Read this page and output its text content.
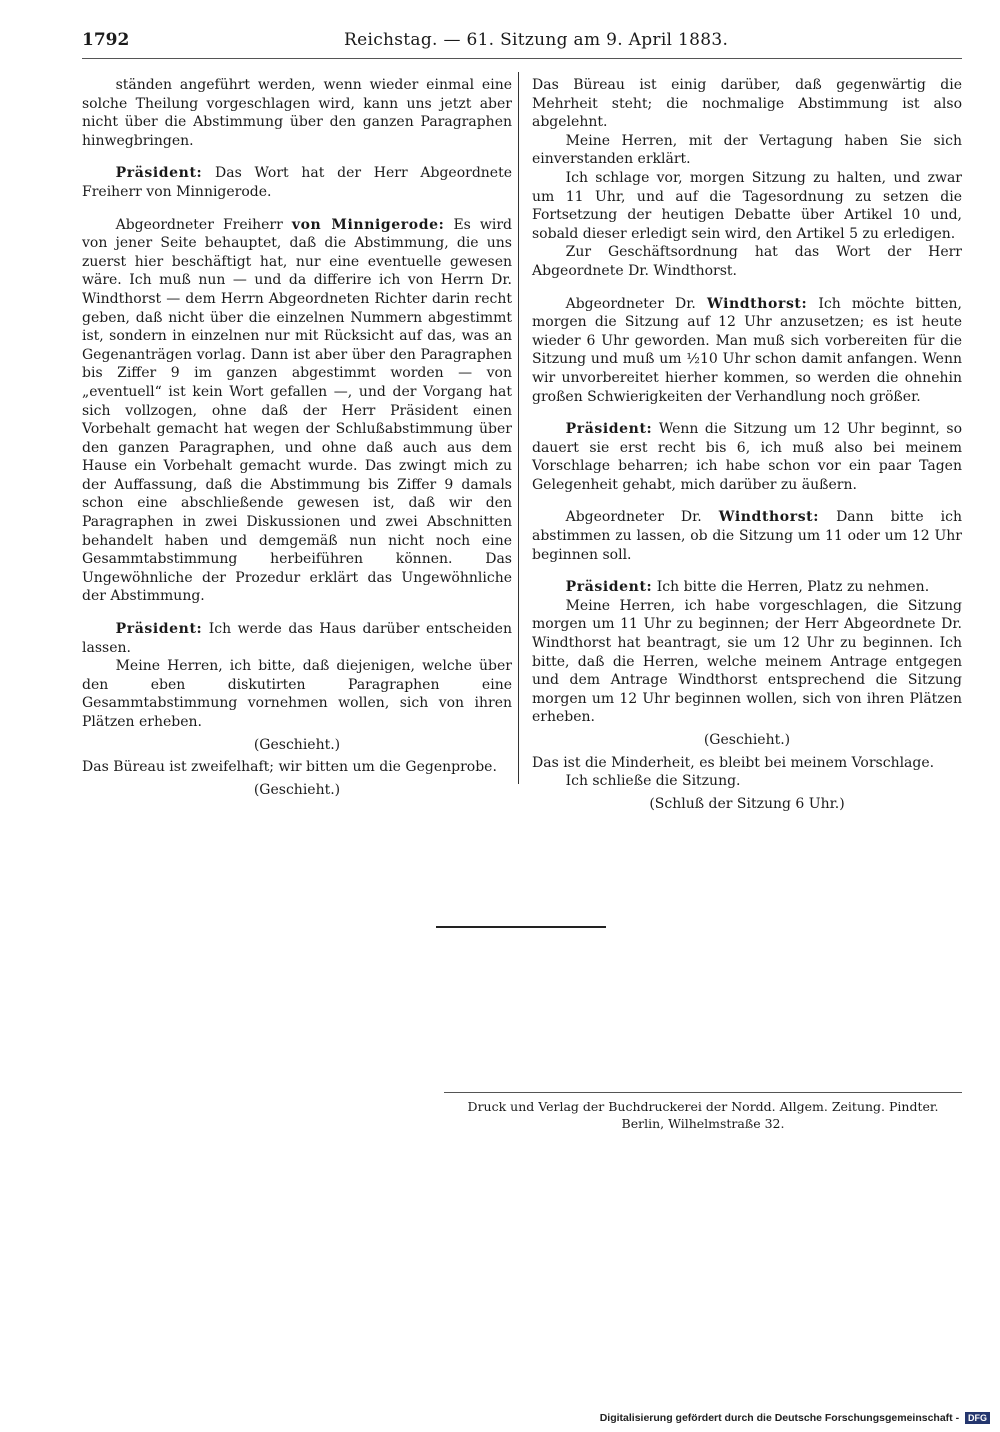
1792	Reichstag. — 61. Sitzung am 9. April 1883.

ständen angeführt werden, wenn wieder einmal eine solche Theilung vorgeschlagen wird, kann uns jetzt aber nicht über die Abstimmung über den ganzen Paragraphen hinwegbringen.

Präsident: Das Wort hat der Herr Abgeordnete Freiherr von Minnigerode.

Abgeordneter Freiherr von Minnigerode: Es wird von jener Seite behauptet, daß die Abstimmung, die uns zuerst hier beschäftigt hat, nur eine eventuelle gewesen wäre. Ich muß nun — und da differire ich von Herrn Dr. Windthorst — dem Herrn Abgeordneten Richter darin recht geben, daß nicht über die einzelnen Nummern abgestimmt ist, sondern in einzelnen nur mit Rücksicht auf das, was an Gegenanträgen vorlag. Dann ist aber über den Paragraphen bis Ziffer 9 im ganzen abgestimmt worden — von „eventuell“ ist kein Wort gefallen —, und der Vorgang hat sich vollzogen, ohne daß der Herr Präsident einen Vorbehalt gemacht hat wegen der Schlußabstimmung über den ganzen Paragraphen, und ohne daß auch aus dem Hause ein Vorbehalt gemacht wurde. Das zwingt mich zu der Auffassung, daß die Abstimmung bis Ziffer 9 damals schon eine abschließende gewesen ist, daß wir den Paragraphen in zwei Diskussionen und zwei Abschnitten behandelt haben und demgemäß nun nicht noch eine Gesammtabstimmung herbeiführen können. Das Ungewöhnliche der Prozedur erklärt das Ungewöhnliche der Abstimmung.

Präsident: Ich werde das Haus darüber entscheiden lassen.

Meine Herren, ich bitte, daß diejenigen, welche über den eben diskutirten Paragraphen eine Gesammtabstimmung vornehmen wollen, sich von ihren Plätzen erheben.

(Geschieht.)

Das Büreau ist zweifelhaft; wir bitten um die Gegenprobe.

(Geschieht.)

Das Büreau ist einig darüber, daß gegenwärtig die Mehrheit steht; die nochmalige Abstimmung ist also abgelehnt.

Meine Herren, mit der Vertagung haben Sie sich einverstanden erklärt.

Ich schlage vor, morgen Sitzung zu halten, und zwar um 11 Uhr, und auf die Tagesordnung zu setzen die Fortsetzung der heutigen Debatte über Artikel 10 und, sobald dieser erledigt sein wird, den Artikel 5 zu erledigen.

Zur Geschäftsordnung hat das Wort der Herr Abgeordnete Dr. Windthorst.

Abgeordneter Dr. Windthorst: Ich möchte bitten, morgen die Sitzung auf 12 Uhr anzusetzen; es ist heute wieder 6 Uhr geworden. Man muß sich vorbereiten für die Sitzung und muß um ½10 Uhr schon damit anfangen. Wenn wir unvorbereitet hierher kommen, so werden die ohnehin großen Schwierigkeiten der Verhandlung noch größer.

Präsident: Wenn die Sitzung um 12 Uhr beginnt, so dauert sie erst recht bis 6, ich muß also bei meinem Vorschlage beharren; ich habe schon vor ein paar Tagen Gelegenheit gehabt, mich darüber zu äußern.

Abgeordneter Dr. Windthorst: Dann bitte ich abstimmen zu lassen, ob die Sitzung um 11 oder um 12 Uhr beginnen soll.

Präsident: Ich bitte die Herren, Platz zu nehmen.

Meine Herren, ich habe vorgeschlagen, die Sitzung morgen um 11 Uhr zu beginnen; der Herr Abgeordnete Dr. Windthorst hat beantragt, sie um 12 Uhr zu beginnen. Ich bitte, daß die Herren, welche meinem Antrage entgegen und dem Antrage Windthorst entsprechend die Sitzung morgen um 12 Uhr beginnen wollen, sich von ihren Plätzen erheben.

(Geschieht.)

Das ist die Minderheit, es bleibt bei meinem Vorschlage.

Ich schließe die Sitzung.

(Schluß der Sitzung 6 Uhr.)

Druck und Verlag der Buchdruckerei der Nordd. Allgem. Zeitung. Pindter.
Berlin, Wilhelmstraße 32.
Digitalisierung gefördert durch die Deutsche Forschungsgemeinschaft - DFG
